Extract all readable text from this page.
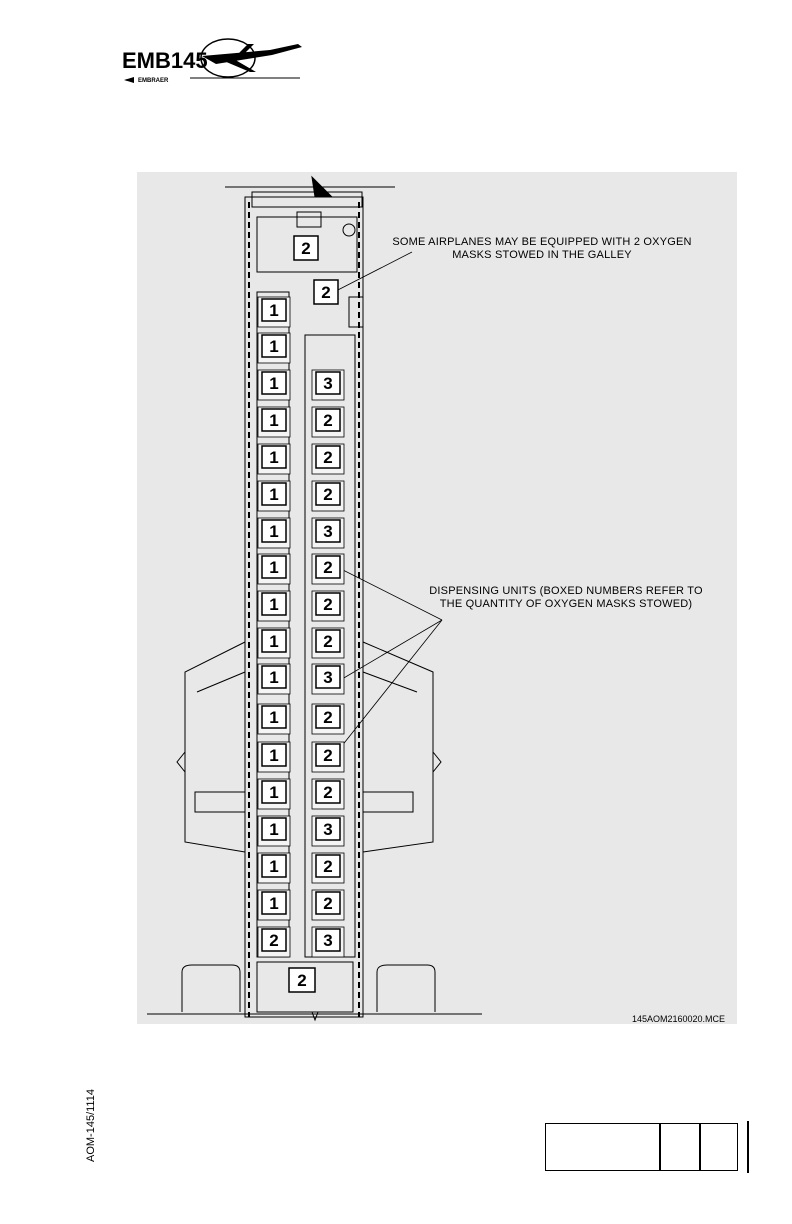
EMB145
EMBRAER
2
2
1
1
1
1
1
1
1
1
1
1
1
1
1
1
1
1
1
2
3
2
2
2
3
2
2
2
3
2
2
2
3
2
2
3
2
SOME AIRPLANES MAY BE EQUIPPED WITH 2 OXYGEN MASKS STOWED IN THE GALLEY
DISPENSING UNITS (BOXED NUMBERS REFER TO THE QUANTITY OF OXYGEN MASKS STOWED)
145AOM2160020.MCE
AOM-145/1114
